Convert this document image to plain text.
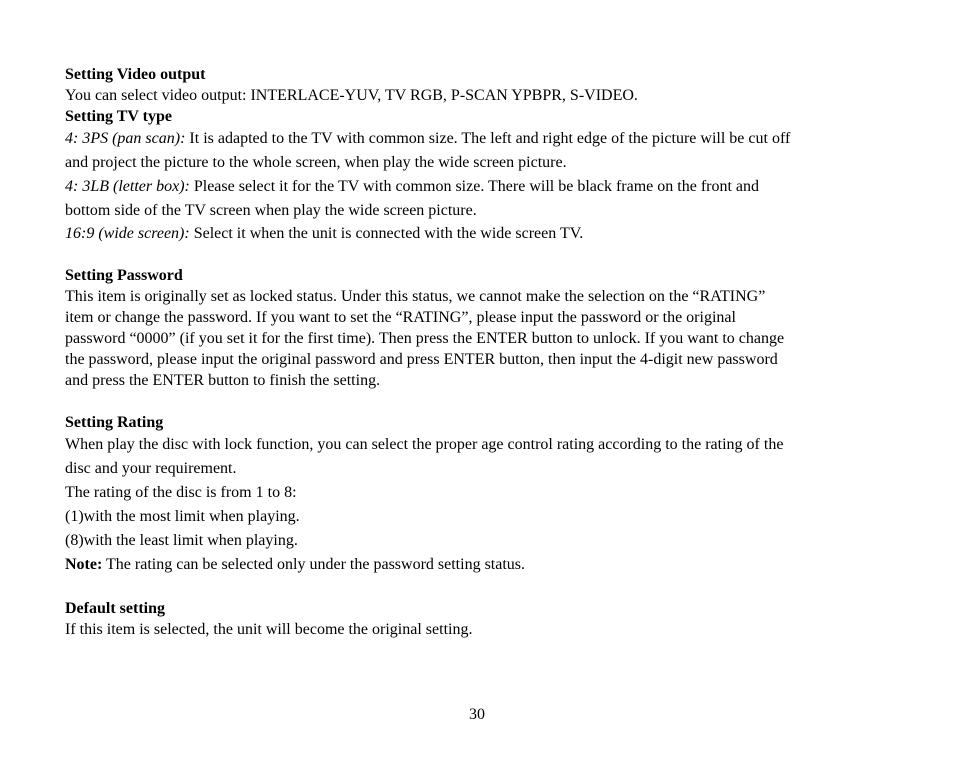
Setting Video output
You can select video output: INTERLACE-YUV, TV RGB, P-SCAN YPBPR, S-VIDEO.
Setting TV type
4: 3PS (pan scan): It is adapted to the TV with common size. The left and right edge of the picture will be cut off
and project the picture to the whole screen, when play the wide screen picture.
4: 3LB (letter box): Please select it for the TV with common size. There will be black frame on the front and
bottom side of the TV screen when play the wide screen picture.
16:9 (wide screen): Select it when the unit is connected with the wide screen TV.
Setting Password
This item is originally set as locked status. Under this status, we cannot make the selection on the “RATING”
item or change the password. If you want to set the “RATING”, please input the password or the original
password “0000” (if you set it for the first time). Then press the ENTER button to unlock. If you want to change
the password, please input the original password and press ENTER button, then input the 4-digit new password
and press the ENTER button to finish the setting.
Setting Rating
When play the disc with lock function, you can select the proper age control rating according to the rating of the
disc and your requirement.
The rating of the disc is from 1 to 8:
(1)with the most limit when playing.
(8)with the least limit when playing.
Note: The rating can be selected only under the password setting status.
Default setting
If this item is selected, the unit will become the original setting.
30
